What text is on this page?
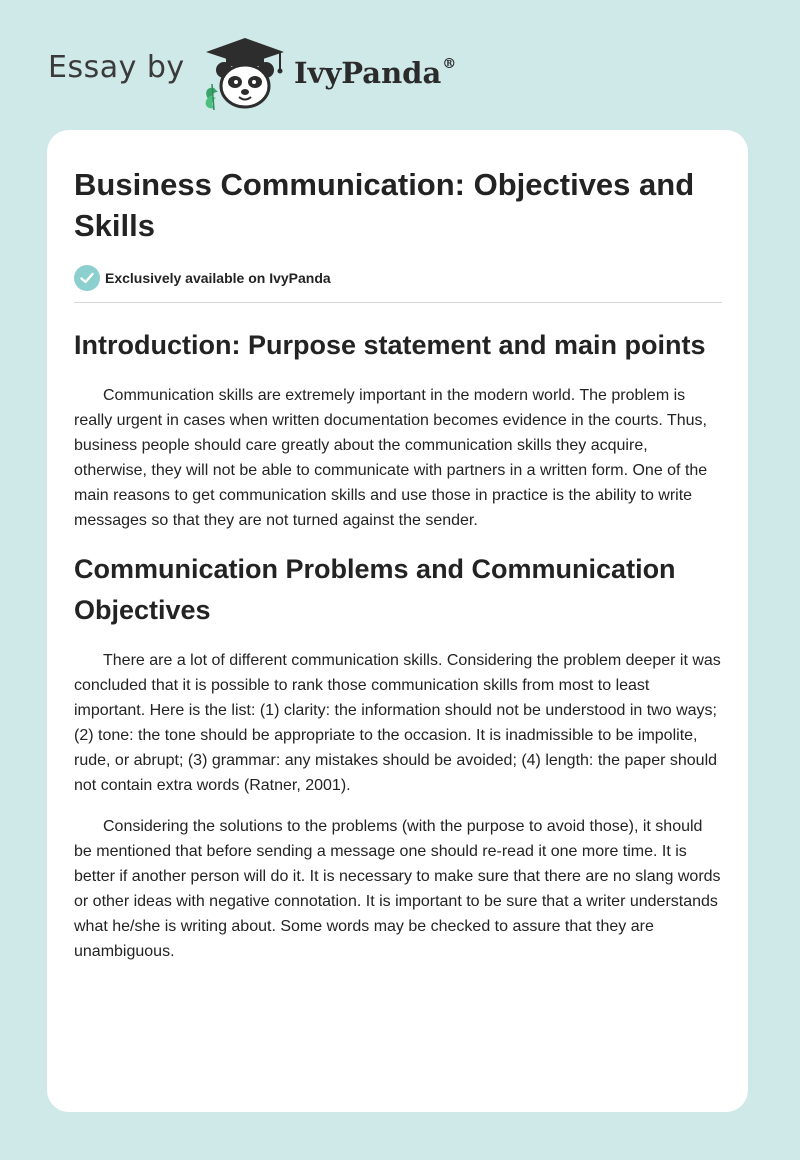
Essay by	IvyPanda®
Business Communication: Objectives and Skills
Exclusively available on IvyPanda
Introduction: Purpose statement and main points

Communication skills are extremely important in the modern world. The problem is really urgent in cases when written documentation becomes evidence in the courts. Thus, business people should care greatly about the communication skills they acquire, otherwise, they will not be able to communicate with partners in a written form. One of the main reasons to get communication skills and use those in practice is the ability to write messages so that they are not turned against the sender.

Communication Problems and Communication Objectives

There are a lot of different communication skills. Considering the problem deeper it was concluded that it is possible to rank those communication skills from most to least important. Here is the list: (1) clarity: the information should not be understood in two ways; (2) tone: the tone should be appropriate to the occasion. It is inadmissible to be impolite, rude, or abrupt; (3) grammar: any mistakes should be avoided; (4) length: the paper should not contain extra words (Ratner, 2001).

Considering the solutions to the problems (with the purpose to avoid those), it should be mentioned that before sending a message one should re-read it one more time. It is better if another person will do it. It is necessary to make sure that there are no slang words or other ideas with negative connotation. It is important to be sure that a writer understands what he/she is writing about. Some words may be checked to assure that they are unambiguous.
